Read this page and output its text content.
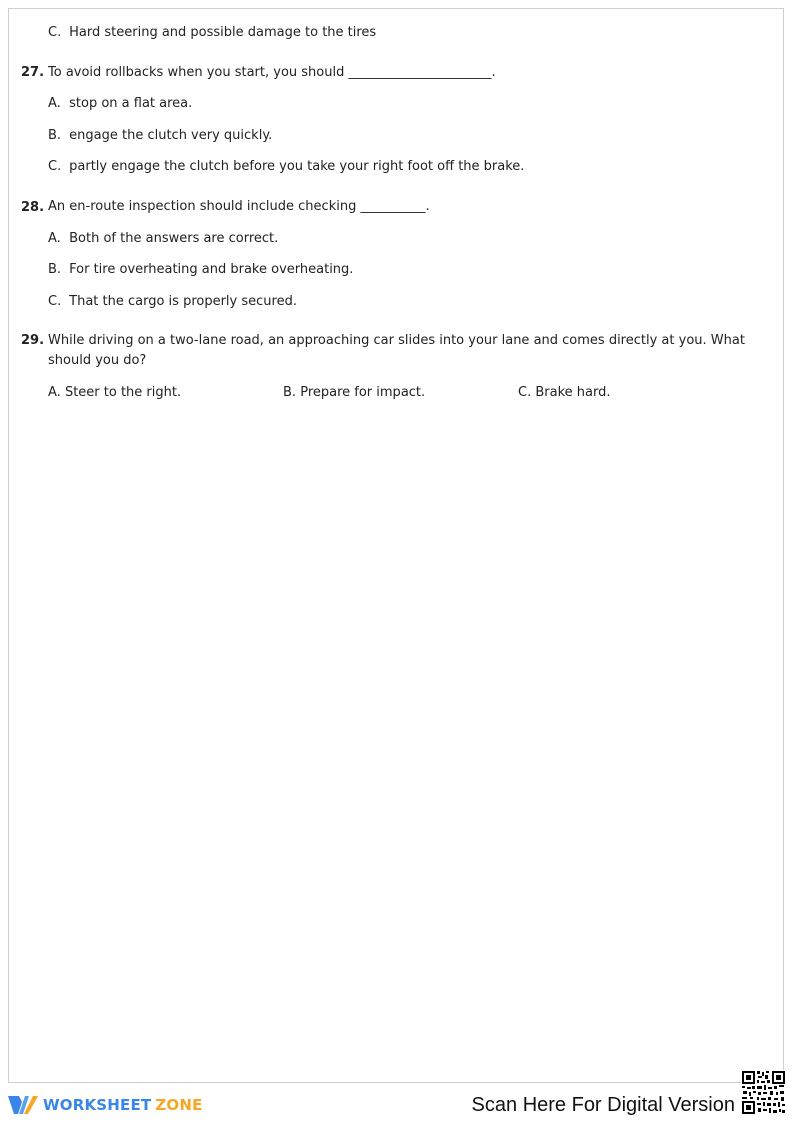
C. Hard steering and possible damage to the tires
27. To avoid rollbacks when you start, you should ______________________.
A. stop on a flat area.
B. engage the clutch very quickly.
C. partly engage the clutch before you take your right foot off the brake.
28. An en-route inspection should include checking __________.
A. Both of the answers are correct.
B. For tire overheating and brake overheating.
C. That the cargo is properly secured.
29. While driving on a two-lane road, an approaching car slides into your lane and comes directly at you. What should you do?
A. Steer to the right.	B. Prepare for impact.	C. Brake hard.
WORKSHEET ZONE	Scan Here For Digital Version
